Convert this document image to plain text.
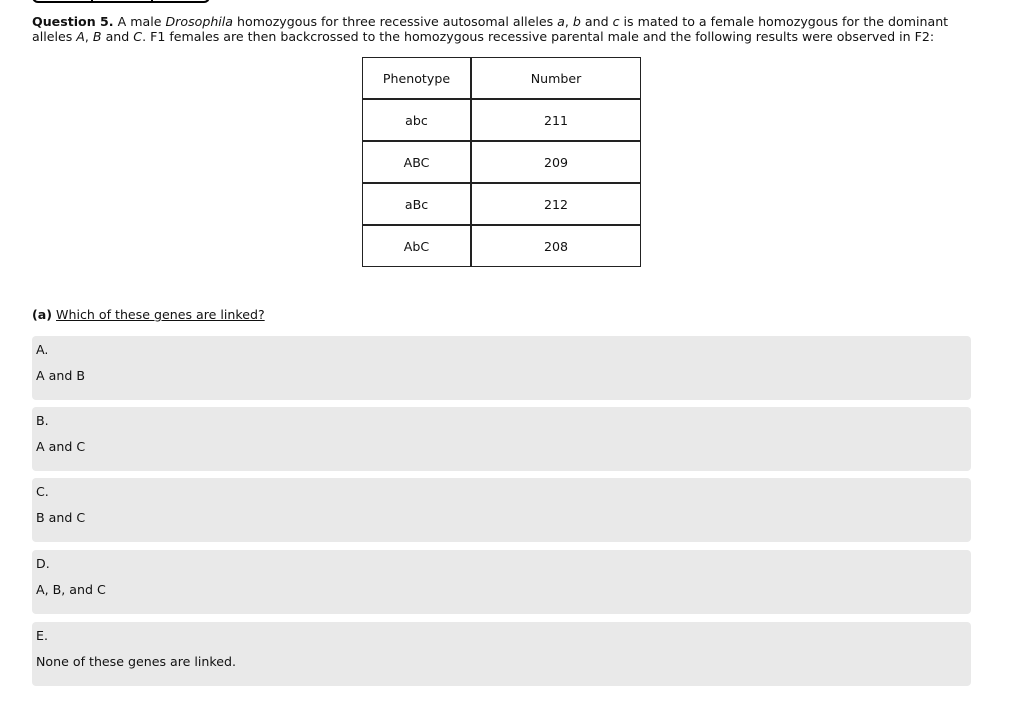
Question 5. A male Drosophila homozygous for three recessive autosomal alleles a, b and c is mated to a female homozygous for the dominant alleles A, B and C. F1 females are then backcrossed to the homozygous recessive parental male and the following results were observed in F2:
Phenotype	Number
abc	211
ABC	209
aBc	212
AbC	208
(a) Which of these genes are linked?
A.
A and B
B.
A and C
C.
B and C
D.
A, B, and C
E.
None of these genes are linked.
